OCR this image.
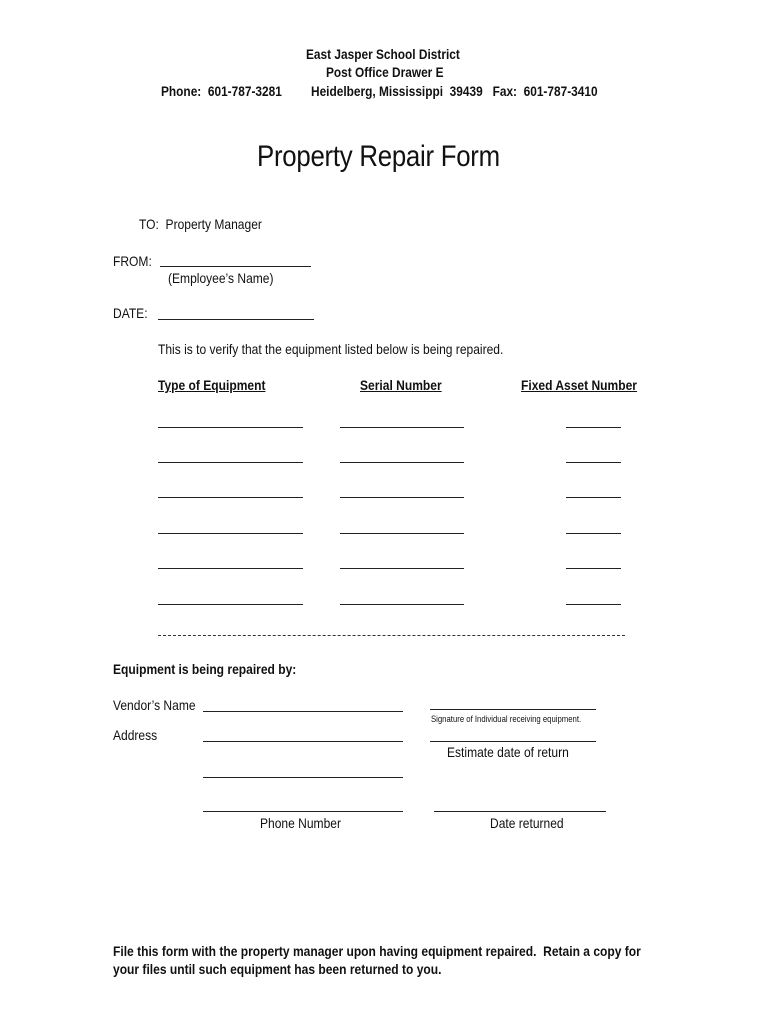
East Jasper School District
Post Office Drawer E
Phone:  601-787-3281 Heidelberg, Mississippi  39439   Fax:  601-787-3410
Property Repair Form
TO:  Property Manager
FROM:
(Employee’s Name)
DATE:
This is to verify that the equipment listed below is being repaired.
Type of Equipment	Serial Number	Fixed Asset Number
Equipment is being repaired by:
Vendor’s Name
Signature of Individual receiving equipment.
Address
Estimate date of return
Phone Number	Date returned
File this form with the property manager upon having equipment repaired.  Retain a copy for
your files until such equipment has been returned to you.
